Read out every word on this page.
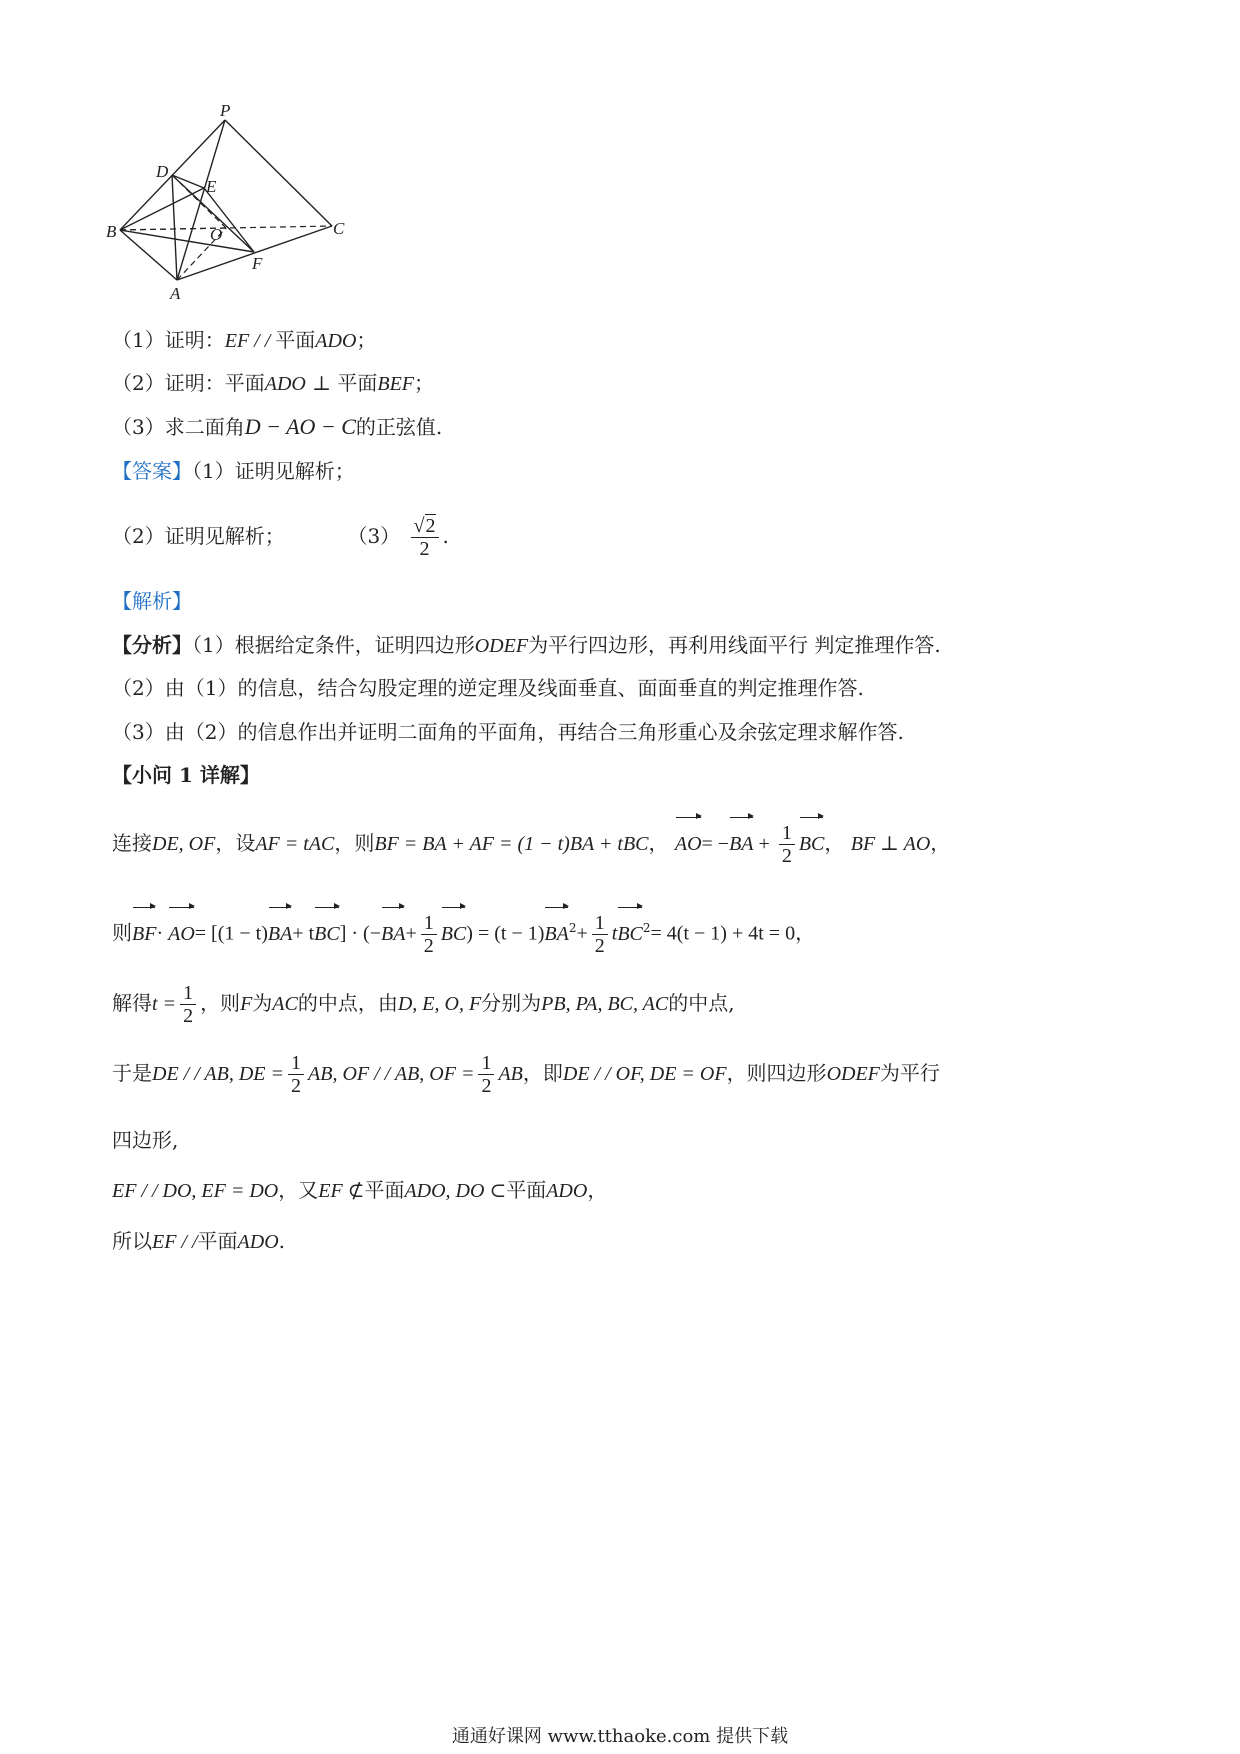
P
D
E
B	O	C
F
A
（1）证明：EF / / 平面ADO；
（2）证明：平面ADO ⊥ 平面BEF；
（3）求二面角D − AO − C的正弦值.
【答案】（1）证明见解析；
（2）证明见解析；	$(3) \frac{√2}{2}$ .
【解析】
【分析】（1）根据给定条件，证明四边形ODEF为平行四边形，再利用线面平行 判定推理作答.
（2）由（1）的信息，结合勾股定理的逆定理及线面垂直、面面垂直的判定推理作答.
（3）由（2）的信息作出并证明二面角的平面角，再结合三角形重心及余弦定理求解作答.
【小问 1 详解】
连接DE, OF，设AF = tAC，则BF = BA + AF = (1 − t)BA + tBC， $AO= -BA + \frac{1}{2}$ BC， BF ⊥ AO，
则$BF\cdot AO= [(1 - t)BA+ tBC] \cdot (-BA+ \frac{1}{2} BC) = (t - 1)BA^2+ \frac{1}{2} tBC^2= 4(t - 1) + 4t = 0$，
解得$t = \frac{1}{2}$ ，则F为AC的中点，由D, E, O, F分别为PB, PA, BC, AC的中点,
于是DE / / AB, DE = $\frac{1}{2}$ AB, OF / / AB, OF = $\frac{1}{2}$ AB，即DE / / OF, DE = OF，则四边形ODEF为平行
四边形,
EF / / DO, EF = DO，又EF ⊄平面ADO, DO ⊂平面ADO，
所以EF / /平面ADO.
通通好课网 www.tthaoke.com 提供下载
